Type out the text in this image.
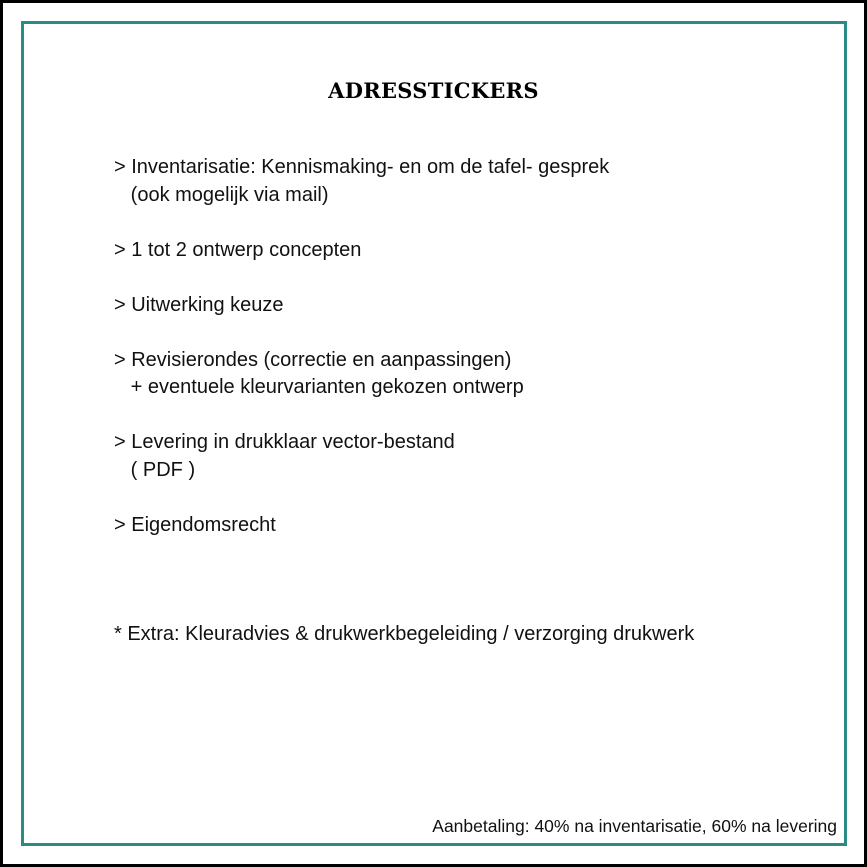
ADRESSTICKERS
> Inventarisatie: Kennismaking- en om de tafel- gesprek
(ook mogelijk via mail)
> 1 tot 2 ontwerp concepten
> Uitwerking keuze
> Revisierondes (correctie en aanpassingen)
+ eventuele kleurvarianten gekozen ontwerp
> Levering in drukklaar vector-bestand
( PDF )
> Eigendomsrecht
* Extra: Kleuradvies & drukwerkbegeleiding / verzorging drukwerk
Aanbetaling: 40% na inventarisatie, 60% na levering
